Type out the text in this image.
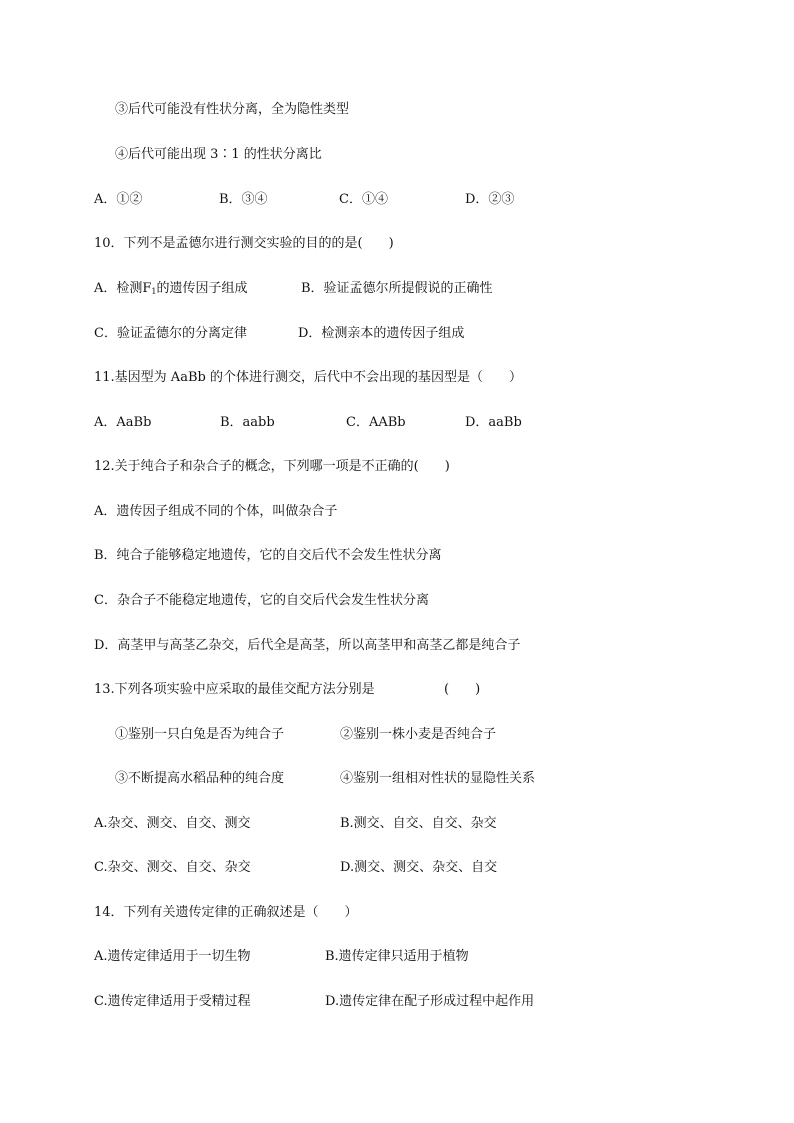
③后代可能没有性状分离，全为隐性类型
④后代可能出现 3∶1 的性状分离比
A．①②	B．③④	C．①④	D．②③
10．下列不是孟德尔进行测交实验的目的的是(　　)
A．检测$F_1$的遗传因子组成	B．验证孟德尔所提假说的正确性
C．验证孟德尔的分离定律	D．检测亲本的遗传因子组成
11.基因型为 AaBb 的个体进行测交，后代中不会出现的基因型是（　　）
A．AaBb	B．aabb	C．AABb	D．aaBb
12.关于纯合子和杂合子的概念，下列哪一项是不正确的(　　)
A．遗传因子组成不同的个体，叫做杂合子
B．纯合子能够稳定地遗传，它的自交后代不会发生性状分离
C．杂合子不能稳定地遗传，它的自交后代会发生性状分离
D．高茎甲与高茎乙杂交，后代全是高茎，所以高茎甲和高茎乙都是纯合子
13.下列各项实验中应采取的最佳交配方法分别是	(　　)
①鉴别一只白兔是否为纯合子	②鉴别一株小麦是否纯合子
③不断提高水稻品种的纯合度	④鉴别一组相对性状的显隐性关系
A.杂交、测交、自交、测交	B.测交、自交、自交、杂交
C.杂交、测交、自交、杂交	D.测交、测交、杂交、自交
14．下列有关遗传定律的正确叙述是（　　）
A.遗传定律适用于一切生物	B.遗传定律只适用于植物
C.遗传定律适用于受精过程	D.遗传定律在配子形成过程中起作用
